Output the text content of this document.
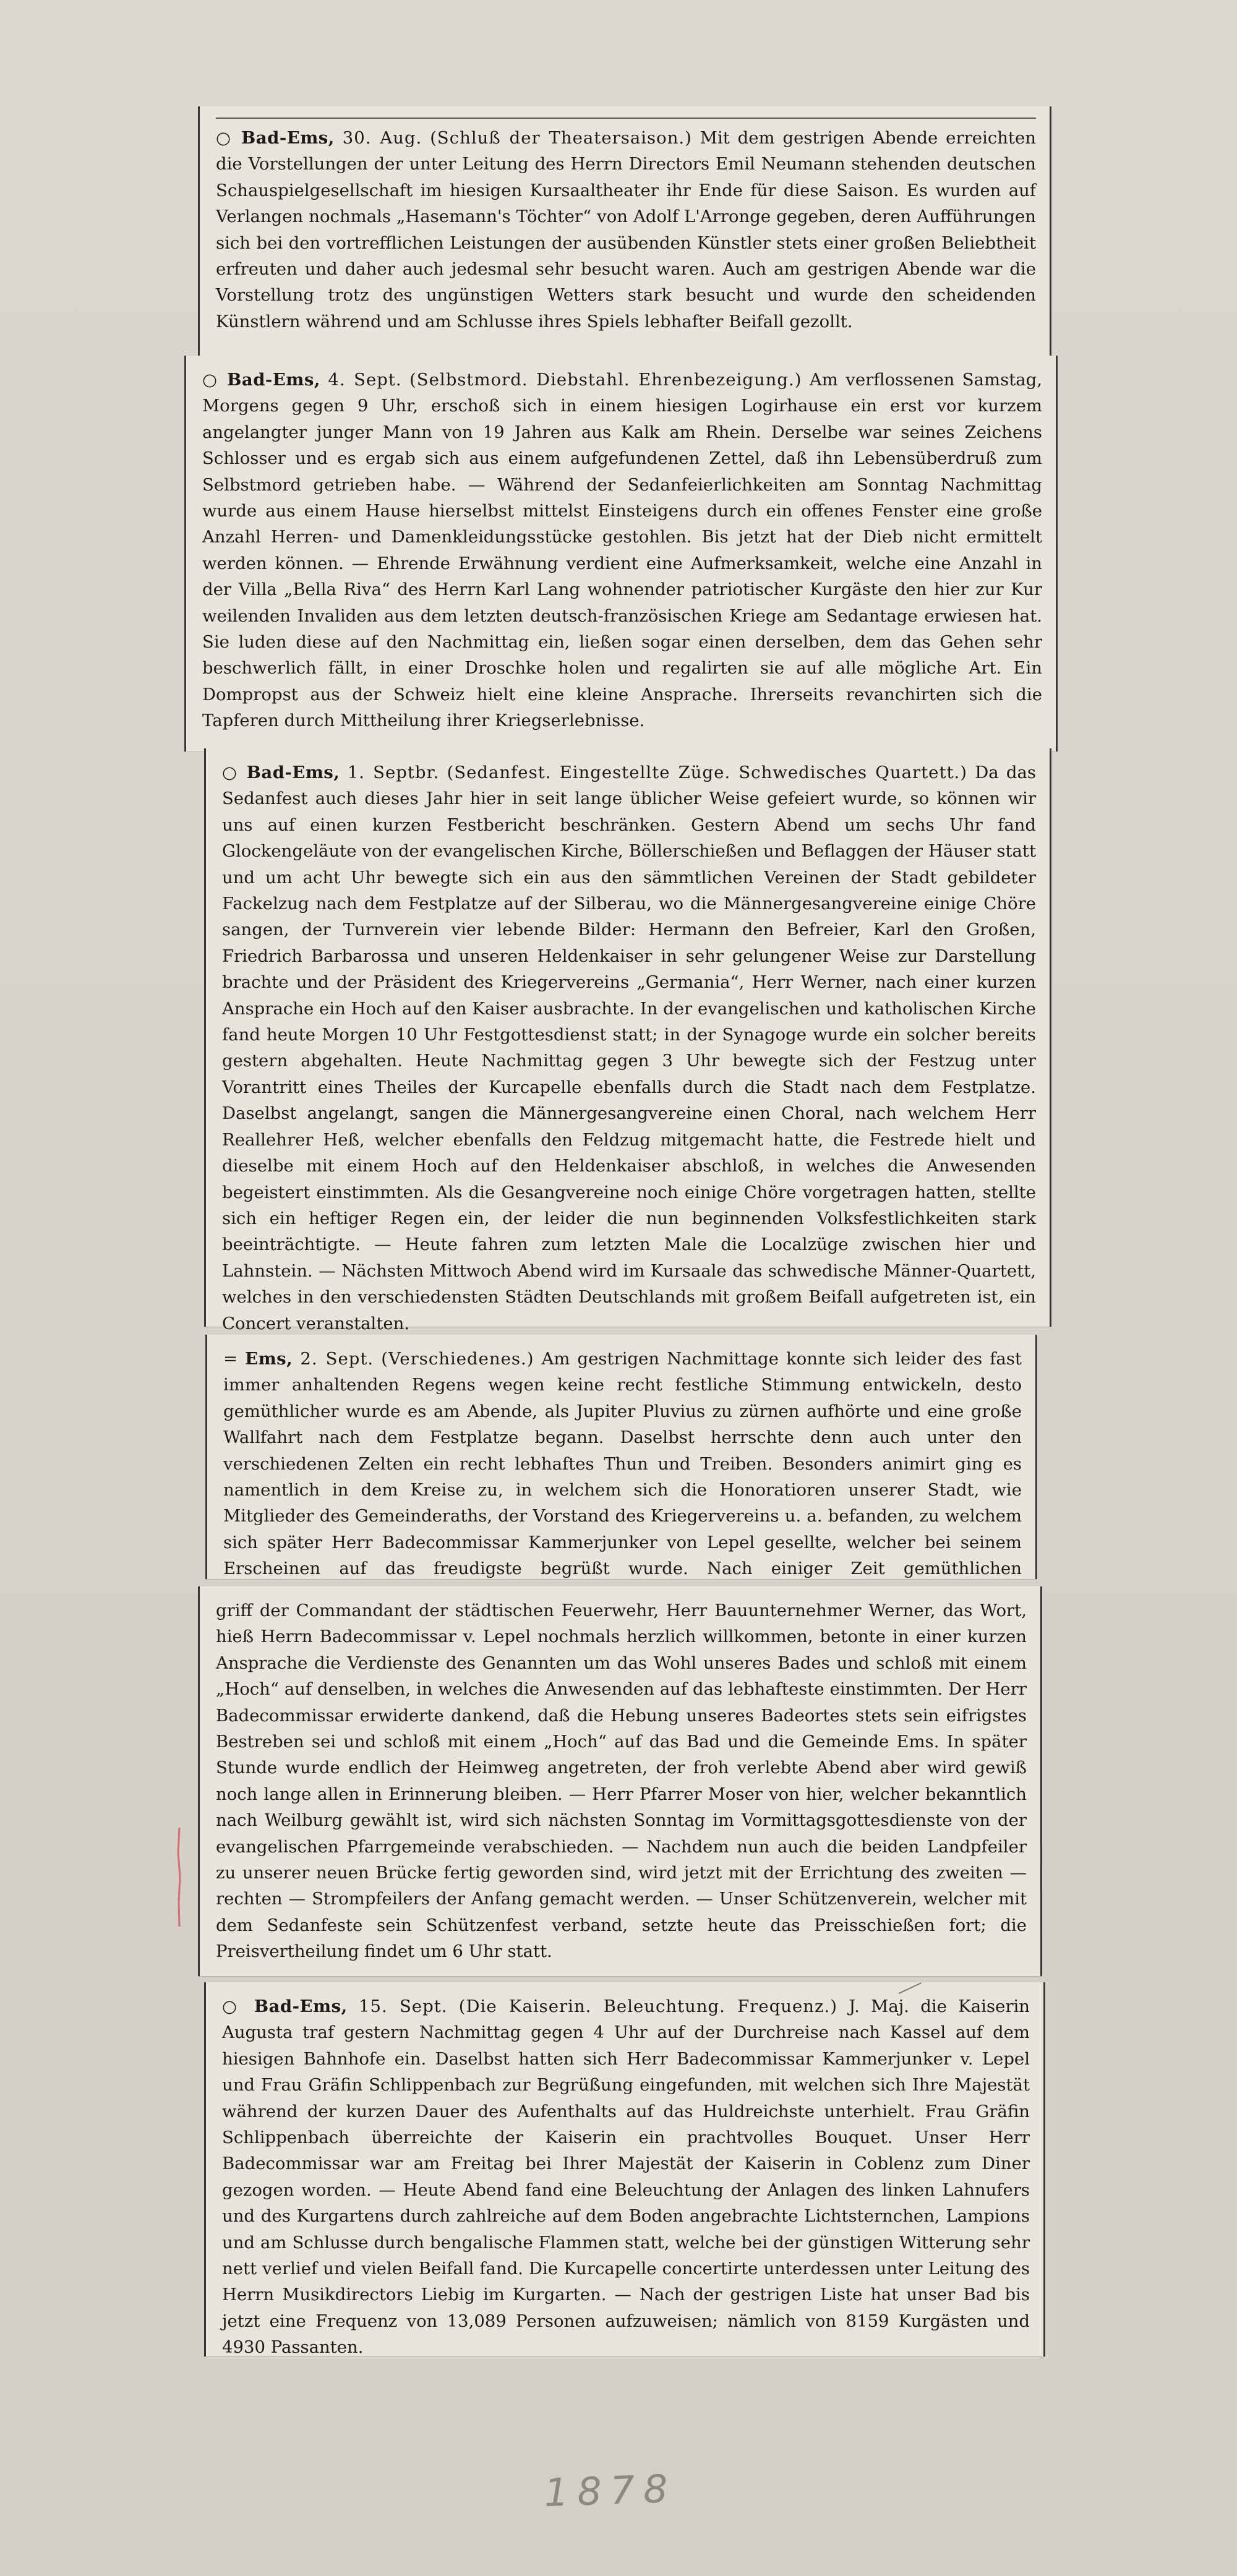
○ Bad-Ems, 30. Aug. (Schluß der Theatersaison.) Mit dem gestrigen Abende erreichten die Vorstellungen der unter Leitung des Herrn Directors Emil Neumann stehenden deutschen Schauspielgesellschaft im hiesigen Kursaaltheater ihr Ende für diese Saison. Es wurden auf Verlangen nochmals „Hasemann's Töchter“ von Adolf L'Arronge gegeben, deren Aufführungen sich bei den vortrefflichen Leistungen der ausübenden Künstler stets einer großen Beliebtheit erfreuten und daher auch jedesmal sehr besucht waren. Auch am gestrigen Abende war die Vorstellung trotz des ungünstigen Wetters stark besucht und wurde den scheidenden Künstlern während und am Schlusse ihres Spiels lebhafter Beifall gezollt.

○ Bad-Ems, 4. Sept. (Selbstmord. Diebstahl. Ehrenbezeigung.) Am verflossenen Samstag, Morgens gegen 9 Uhr, erschoß sich in einem hiesigen Logirhause ein erst vor kurzem angelangter junger Mann von 19 Jahren aus Kalk am Rhein. Derselbe war seines Zeichens Schlosser und es ergab sich aus einem aufgefundenen Zettel, daß ihn Lebensüberdruß zum Selbstmord getrieben habe. — Während der Sedanfeierlichkeiten am Sonntag Nachmittag wurde aus einem Hause hierselbst mittelst Einsteigens durch ein offenes Fenster eine große Anzahl Herren- und Damenkleidungsstücke gestohlen. Bis jetzt hat der Dieb nicht ermittelt werden können. — Ehrende Erwähnung verdient eine Aufmerksamkeit, welche eine Anzahl in der Villa „Bella Riva“ des Herrn Karl Lang wohnender patriotischer Kurgäste den hier zur Kur weilenden Invaliden aus dem letzten deutsch-französischen Kriege am Sedantage erwiesen hat. Sie luden diese auf den Nachmittag ein, ließen sogar einen derselben, dem das Gehen sehr beschwerlich fällt, in einer Droschke holen und regalirten sie auf alle mögliche Art. Ein Dompropst aus der Schweiz hielt eine kleine Ansprache. Ihrerseits revanchirten sich die Tapferen durch Mittheilung ihrer Kriegserlebnisse.

○ Bad-Ems, 1. Septbr. (Sedanfest. Eingestellte Züge. Schwedisches Quartett.) Da das Sedanfest auch dieses Jahr hier in seit lange üblicher Weise gefeiert wurde, so können wir uns auf einen kurzen Festbericht beschränken. Gestern Abend um sechs Uhr fand Glockengeläute von der evangelischen Kirche, Böllerschießen und Beflaggen der Häuser statt und um acht Uhr bewegte sich ein aus den sämmtlichen Vereinen der Stadt gebildeter Fackelzug nach dem Festplatze auf der Silberau, wo die Männergesangvereine einige Chöre sangen, der Turnverein vier lebende Bilder: Hermann den Befreier, Karl den Großen, Friedrich Barbarossa und unseren Heldenkaiser in sehr gelungener Weise zur Darstellung brachte und der Präsident des Kriegervereins „Germania“, Herr Werner, nach einer kurzen Ansprache ein Hoch auf den Kaiser ausbrachte. In der evangelischen und katholischen Kirche fand heute Morgen 10 Uhr Festgottesdienst statt; in der Synagoge wurde ein solcher bereits gestern abgehalten. Heute Nachmittag gegen 3 Uhr bewegte sich der Festzug unter Vorantritt eines Theiles der Kurcapelle ebenfalls durch die Stadt nach dem Festplatze. Daselbst angelangt, sangen die Männergesangvereine einen Choral, nach welchem Herr Reallehrer Heß, welcher ebenfalls den Feldzug mitgemacht hatte, die Festrede hielt und dieselbe mit einem Hoch auf den Heldenkaiser abschloß, in welches die Anwesenden begeistert einstimmten. Als die Gesangvereine noch einige Chöre vorgetragen hatten, stellte sich ein heftiger Regen ein, der leider die nun beginnenden Volksfestlichkeiten stark beeinträchtigte. — Heute fahren zum letzten Male die Localzüge zwischen hier und Lahnstein. — Nächsten Mittwoch Abend wird im Kursaale das schwedische Männer-Quartett, welches in den verschiedensten Städten Deutschlands mit großem Beifall aufgetreten ist, ein Concert veranstalten.

= Ems, 2. Sept. (Verschiedenes.) Am gestrigen Nachmittage konnte sich leider des fast immer anhaltenden Regens wegen keine recht festliche Stimmung entwickeln, desto gemüthlicher wurde es am Abende, als Jupiter Pluvius zu zürnen aufhörte und eine große Wallfahrt nach dem Festplatze begann. Daselbst herrschte denn auch unter den verschiedenen Zelten ein recht lebhaftes Thun und Treiben. Besonders animirt ging es namentlich in dem Kreise zu, in welchem sich die Honoratioren unserer Stadt, wie Mitglieder des Gemeinderaths, der Vorstand des Kriegervereins u. a. befanden, zu welchem sich später Herr Badecommissar Kammerjunker von Lepel gesellte, welcher bei seinem Erscheinen auf das freudigste begrüßt wurde. Nach einiger Zeit gemüthlichen

griff der Commandant der städtischen Feuerwehr, Herr Bauunternehmer Werner, das Wort, hieß Herrn Badecommissar v. Lepel nochmals herzlich willkommen, betonte in einer kurzen Ansprache die Verdienste des Genannten um das Wohl unseres Bades und schloß mit einem „Hoch“ auf denselben, in welches die Anwesenden auf das lebhafteste einstimmten. Der Herr Badecommissar erwiderte dankend, daß die Hebung unseres Badeortes stets sein eifrigstes Bestreben sei und schloß mit einem „Hoch“ auf das Bad und die Gemeinde Ems. In später Stunde wurde endlich der Heimweg angetreten, der froh verlebte Abend aber wird gewiß noch lange allen in Erinnerung bleiben. — Herr Pfarrer Moser von hier, welcher bekanntlich nach Weilburg gewählt ist, wird sich nächsten Sonntag im Vormittagsgottesdienste von der evangelischen Pfarrgemeinde verabschieden. — Nachdem nun auch die beiden Landpfeiler zu unserer neuen Brücke fertig geworden sind, wird jetzt mit der Errichtung des zweiten — rechten — Strompfeilers der Anfang gemacht werden. — Unser Schützenverein, welcher mit dem Sedanfeste sein Schützenfest verband, setzte heute das Preisschießen fort; die Preisvertheilung findet um 6 Uhr statt.

○ Bad-Ems, 15. Sept. (Die Kaiserin. Beleuchtung. Frequenz.) J. Maj. die Kaiserin Augusta traf gestern Nachmittag gegen 4 Uhr auf der Durchreise nach Kassel auf dem hiesigen Bahnhofe ein. Daselbst hatten sich Herr Badecommissar Kammerjunker v. Lepel und Frau Gräfin Schlippenbach zur Begrüßung eingefunden, mit welchen sich Ihre Majestät während der kurzen Dauer des Aufenthalts auf das Huldreichste unterhielt. Frau Gräfin Schlippenbach überreichte der Kaiserin ein prachtvolles Bouquet. Unser Herr Badecommissar war am Freitag bei Ihrer Majestät der Kaiserin in Coblenz zum Diner gezogen worden. — Heute Abend fand eine Beleuchtung der Anlagen des linken Lahnufers und des Kurgartens durch zahlreiche auf dem Boden angebrachte Lichtsternchen, Lampions und am Schlusse durch bengalische Flammen statt, welche bei der günstigen Witterung sehr nett verlief und vielen Beifall fand. Die Kurcapelle concertirte unterdessen unter Leitung des Herrn Musikdirectors Liebig im Kurgarten. — Nach der gestrigen Liste hat unser Bad bis jetzt eine Frequenz von 13,089 Personen aufzuweisen; nämlich von 8159 Kurgästen und 4930 Passanten.

1878
